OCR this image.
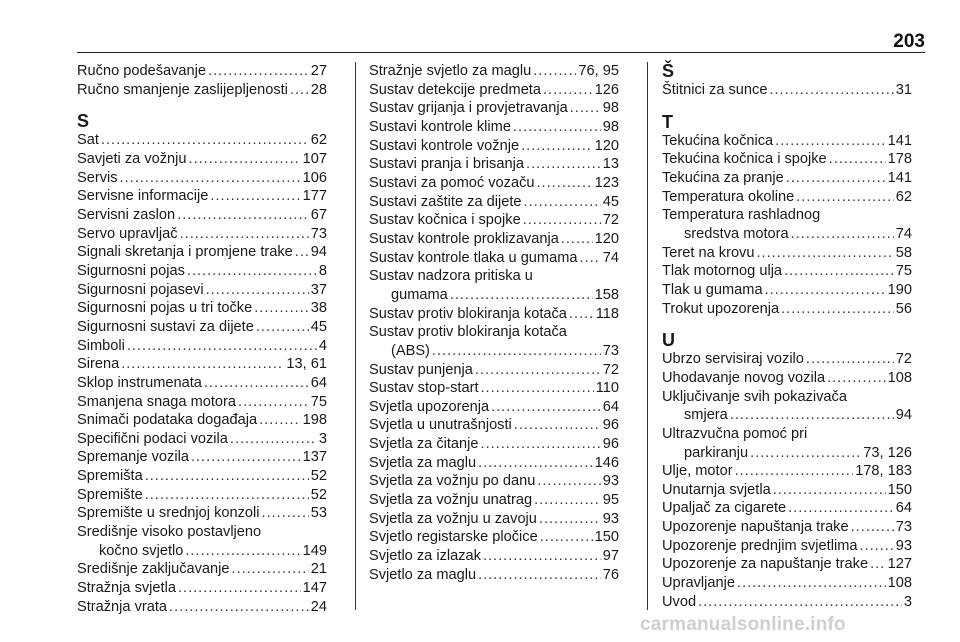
203
Ručno podešavanje .....	27
Ručno smanjenje zaslijepljenosti ..... 28
S
Sat .....	62
Savjeti za vožnju .....	107
Servis .....	106
Servisne informacije .....	177
Servisni zaslon .....	67
Servo upravljač .....	73
Signali skretanja i promjene trake ..... 94
Sigurnosni pojas .....	8
Sigurnosni pojasevi .....	37
Sigurnosni pojas u tri točke .....	38
Sigurnosni sustavi za dijete .....	45
Simboli .....	4
Sirena .....	13, 61
Sklop instrumenata .....	64
Smanjena snaga motora .....	75
Snimači podataka događaja .....	198
Specifični podaci vozila .....	3
Spremanje vozila .....	137
Spremišta .....	52
Spremište .....	52
Spremište u srednjoj konzoli .....	53
Središnje visoko postavljeno
kočno svjetlo .....	149
Središnje zaključavanje .....	21
Stražnja svjetla .....	147
Stražnja vrata .....	24
Stražnje svjetlo za maglu .....	76, 95
Sustav detekcije predmeta .....	126
Sustav grijanja i provjetravanja ..... 98
Sustavi kontrole klime .....	98
Sustavi kontrole vožnje .....	120
Sustavi pranja i brisanja .....	13
Sustavi za pomoć vozaču .....	123
Sustavi zaštite za dijete .....	45
Sustav kočnica i spojke .....	72
Sustav kontrole proklizavanja ..... 120
Sustav kontrole tlaka u gumama ..... 74
Sustav nadzora pritiska u
gumama .....	158
Sustav protiv blokiranja kotača ..... 118
Sustav protiv blokiranja kotača
(ABS) .....	73
Sustav punjenja .....	72
Sustav stop-start .....	110
Svjetla upozorenja .....	64
Svjetla u unutrašnjosti .....	96
Svjetla za čitanje .....	96
Svjetla za maglu .....	146
Svjetla za vožnju po danu .....	93
Svjetla za vožnju unatrag .....	95
Svjetla za vožnju u zavoju .....	93
Svjetlo registarske pločice .....	150
Svjetlo za izlazak .....	97
Svjetlo za maglu .....	76
Š
Štitnici za sunce .....	31
T
Tekućina kočnica .....	141
Tekućina kočnica i spojke .....	178
Tekućina za pranje .....	141
Temperatura okoline .....	62
Temperatura rashladnog
sredstva motora .....	74
Teret na krovu .....	58
Tlak motornog ulja .....	75
Tlak u gumama .....	190
Trokut upozorenja .....	56
U
Ubrzo servisiraj vozilo .....	72
Uhodavanje novog vozila .....	108
Uključivanje svih pokazivača
smjera .....	94
Ultrazvučna pomoć pri
parkiranju .....	73, 126
Ulje, motor .....	178, 183
Unutarnja svjetla .....	150
Upaljač za cigarete .....	64
Upozorenje napuštanja trake .....	73
Upozorenje prednjim svjetlima .....	93
Upozorenje za napuštanje trake ..... 127
Upravljanje .....	108
Uvod .....	3
carmanualsonline.info
